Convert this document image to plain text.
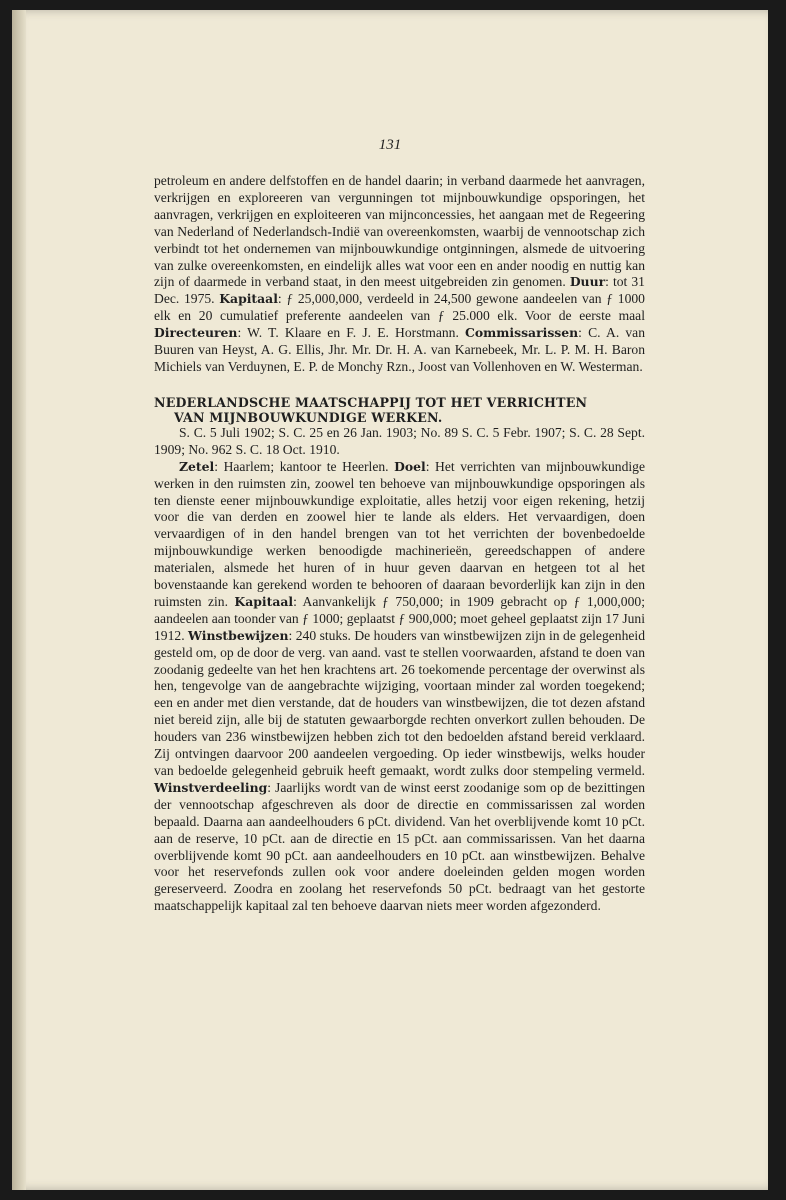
131

petroleum en andere delfstoffen en de handel daarin; in verband daarmede het aanvragen, verkrijgen en exploreeren van vergunningen tot mijnbouwkundige opsporingen, het aanvragen, verkrijgen en exploiteeren van mijnconcessies, het aangaan met de Regeering van Nederland of Nederlandsch-Indië van overeenkomsten, waarbij de vennootschap zich verbindt tot het ondernemen van mijnbouwkundige ontginningen, alsmede de uitvoering van zulke overeenkomsten, en eindelijk alles wat voor een en ander noodig en nuttig kan zijn of daarmede in verband staat, in den meest uitgebreiden zin genomen. Duur: tot 31 Dec. 1975. Kapitaal: ƒ 25,000,000, verdeeld in 24,500 gewone aandeelen van ƒ 1000 elk en 20 cumulatief preferente aandeelen van ƒ 25.000 elk. Voor de eerste maal Directeuren: W. T. Klaare en F. J. E. Horstmann. Commissarissen: C. A. van Buuren van Heyst, A. G. Ellis, Jhr. Mr. Dr. H. A. van Karnebeek, Mr. L. P. M. H. Baron Michiels van Verduynen, E. P. de Monchy Rzn., Joost van Vollenhoven en W. Westerman.

NEDERLANDSCHE MAATSCHAPPIJ TOT HET VERRICHTEN
VAN MIJNBOUWKUNDIGE WERKEN.

S. C. 5 Juli 1902; S. C. 25 en 26 Jan. 1903; No. 89 S. C. 5 Febr. 1907; S. C. 28 Sept. 1909; No. 962 S. C. 18 Oct. 1910.

Zetel: Haarlem; kantoor te Heerlen. Doel: Het verrichten van mijnbouwkundige werken in den ruimsten zin, zoowel ten behoeve van mijnbouwkundige opsporingen als ten dienste eener mijnbouwkundige exploitatie, alles hetzij voor eigen rekening, hetzij voor die van derden en zoowel hier te lande als elders. Het vervaardigen, doen vervaardigen of in den handel brengen van tot het verrichten der bovenbedoelde mijnbouwkundige werken benoodigde machinerieën, gereedschappen of andere materialen, alsmede het huren of in huur geven daarvan en hetgeen tot al het bovenstaande kan gerekend worden te behooren of daaraan bevorderlijk kan zijn in den ruimsten zin. Kapitaal: Aanvankelijk ƒ 750,000; in 1909 gebracht op ƒ 1,000,000; aandeelen aan toonder van ƒ 1000; geplaatst ƒ 900,000; moet geheel geplaatst zijn 17 Juni 1912. Winstbewijzen: 240 stuks. De houders van winstbewijzen zijn in de gelegenheid gesteld om, op de door de verg. van aand. vast te stellen voorwaarden, afstand te doen van zoodanig gedeelte van het hen krachtens art. 26 toekomende percentage der overwinst als hen, tengevolge van de aangebrachte wijziging, voortaan minder zal worden toegekend; een en ander met dien verstande, dat de houders van winstbewijzen, die tot dezen afstand niet bereid zijn, alle bij de statuten gewaarborgde rechten onverkort zullen behouden. De houders van 236 winstbewijzen hebben zich tot den bedoelden afstand bereid verklaard. Zij ontvingen daarvoor 200 aandeelen vergoeding. Op ieder winstbewijs, welks houder van bedoelde gelegenheid gebruik heeft gemaakt, wordt zulks door stempeling vermeld. Winstverdeeling: Jaarlijks wordt van de winst eerst zoodanige som op de bezittingen der vennootschap afgeschreven als door de directie en commissarissen zal worden bepaald. Daarna aan aandeelhouders 6 pCt. dividend. Van het overblijvende komt 10 pCt. aan de reserve, 10 pCt. aan de directie en 15 pCt. aan commissarissen. Van het daarna overblijvende komt 90 pCt. aan aandeelhouders en 10 pCt. aan winstbewijzen. Behalve voor het reservefonds zullen ook voor andere doeleinden gelden mogen worden gereserveerd. Zoodra en zoolang het reservefonds 50 pCt. bedraagt van het gestorte maatschappelijk kapitaal zal ten behoeve daarvan niets meer worden afgezonderd.
